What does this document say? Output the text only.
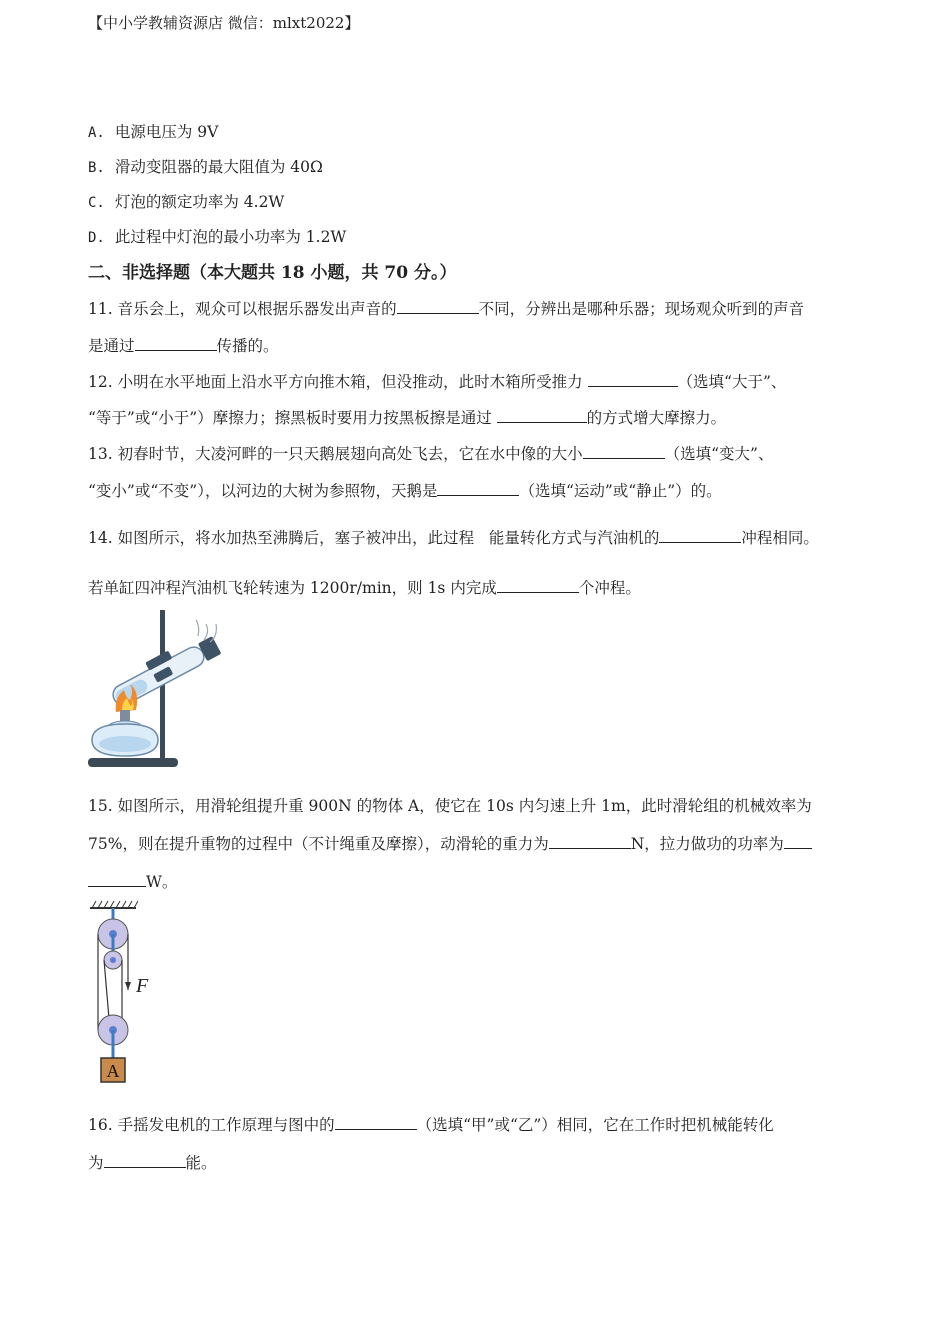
【中小学教辅资源店 微信：mlxt2022】
A. 电源电压为 9V
B. 滑动变阻器的最大阻值为 40Ω
C. 灯泡的额定功率为 4.2W
D. 此过程中灯泡的最小功率为 1.2W
二、非选择题（本大题共 18 小题，共 70 分。）
11. 音乐会上，观众可以根据乐器发出声音的	不同，分辨出是哪种乐器；现场观众听到的声音
是通过	传播的。
12. 小明在水平地面上沿水平方向推木箱，但没推动，此时木箱所受推力	（选填“大于”、
“等于”或“小于”）摩擦力；擦黑板时要用力按黑板擦是通过	的方式增大摩擦力。
13. 初春时节，大凌河畔的一只天鹅展翅向高处飞去，它在水中像的大小	（选填“变大”、
“变小”或“不变”），以河边的大树为参照物，天鹅是	（选填“运动”或“静止”）的。
14. 如图所示，将水加热至沸腾后，塞子被冲出，此过程 能量转化方式与汽油机的	冲程相同。
若单缸四冲程汽油机飞轮转速为 1200r/min，则 1s 内完成	个冲程。
15. 如图所示，用滑轮组提升重 900N 的物体 A，使它在 10s 内匀速上升 1m，此时滑轮组的机械效率为
75%，则在提升重物的过程中（不计绳重及摩擦），动滑轮的重力为	N，拉力做功的功率为
W。
F
A
16. 手摇发电机的工作原理与图中的	（选填“甲”或“乙”）相同，它在工作时把机械能转化
为	能。
